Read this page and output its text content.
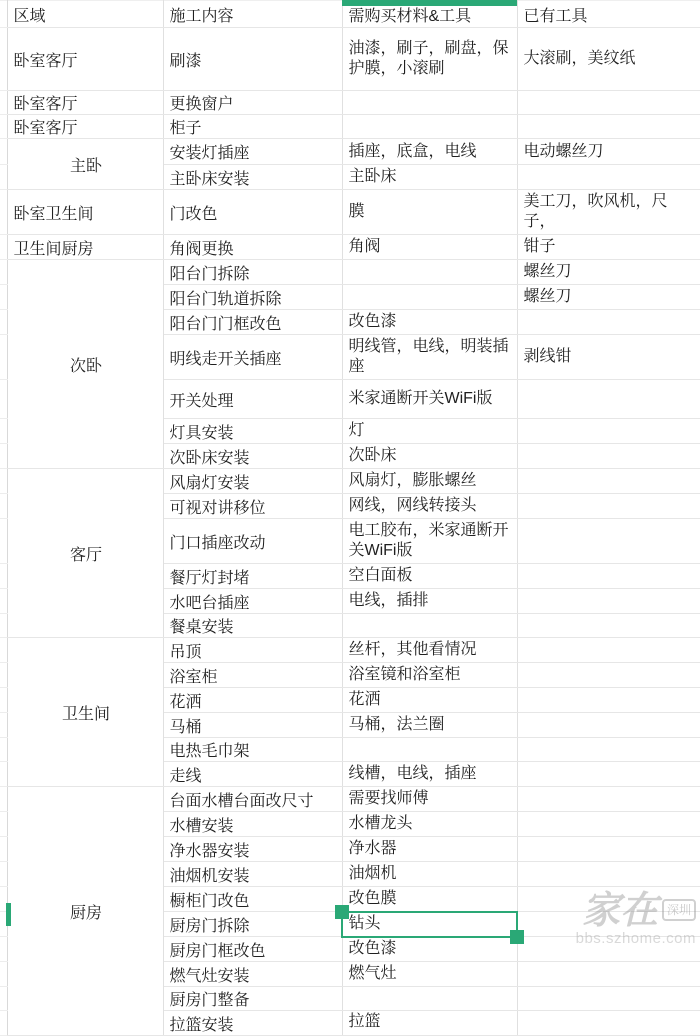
	区域	施工内容	需购买材料&工具	已有工具
	卧室客厅	刷漆	油漆，刷子，刷盘，保护膜，小滚刷	大滚刷，美纹纸
	卧室客厅	更换窗户		
	卧室客厅	柜子		
	主卧	安装灯插座	插座，底盒，电线	电动螺丝刀
		主卧床安装	主卧床	
	卧室卫生间	门改色	膜	美工刀，吹风机，尺子，
	卫生间厨房	角阀更换	角阀	钳子
	次卧	阳台门拆除		螺丝刀
		阳台门轨道拆除		螺丝刀
		阳台门门框改色	改色漆	
		明线走开关插座	明线管，电线，明装插座	剥线钳
		开关处理	米家通断开关WiFi版	
		灯具安装	灯	
		次卧床安装	次卧床	
	客厅	风扇灯安装	风扇灯，膨胀螺丝	
		可视对讲移位	网线，网线转接头	
		门口插座改动	电工胶布，米家通断开关WiFi版	
		餐厅灯封堵	空白面板	
		水吧台插座	电线，插排	
		餐桌安装		
	卫生间	吊顶	丝杆，其他看情况	
		浴室柜	浴室镜和浴室柜	
		花洒	花洒	
		马桶	马桶，法兰圈	
		电热毛巾架		
		走线	线槽，电线，插座	
	厨房	台面水槽台面改尺寸	需要找师傅	
		水槽安装	水槽龙头	
		净水器安装	净水器	
		油烟机安装	油烟机	
		橱柜门改色	改色膜	
		厨房门拆除	钻头	
		厨房门框改色	改色漆	
		燃气灶安装	燃气灶	
		厨房门整备		
		拉篮安装	拉篮	
家在 深圳
bbs.szhome.com
